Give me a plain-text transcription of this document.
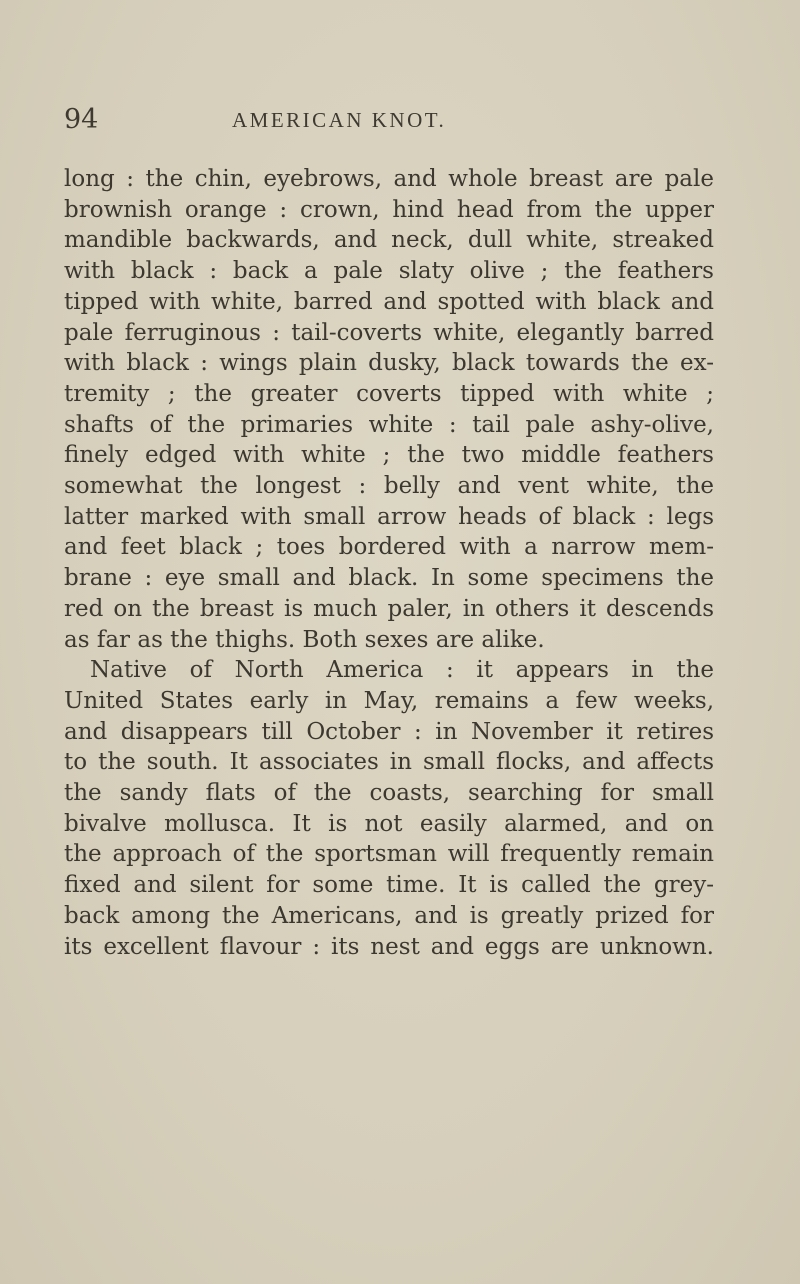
94	AMERICAN KNOT.
long : the chin, eyebrows, and whole breast are pale
brownish orange : crown, hind head from the upper
mandible backwards, and neck, dull white, streaked
with black : back a pale slaty olive ; the feathers
tipped with white, barred and spotted with black and
pale ferruginous : tail-coverts white, elegantly barred
with black : wings plain dusky, black towards the ex-
tremity ; the greater coverts tipped with white ;
shafts of the primaries white : tail pale ashy-olive,
finely edged with white ; the two middle feathers
somewhat the longest : belly and vent white, the
latter marked with small arrow heads of black : legs
and feet black ; toes bordered with a narrow mem-
brane : eye small and black. In some specimens the
red on the breast is much paler, in others it descends
as far as the thighs. Both sexes are alike.
Native of North America : it appears in the
United States early in May, remains a few weeks,
and disappears till October : in November it retires
to the south. It associates in small flocks, and affects
the sandy flats of the coasts, searching for small
bivalve mollusca. It is not easily alarmed, and on
the approach of the sportsman will frequently remain
fixed and silent for some time. It is called the grey-
back among the Americans, and is greatly prized for
its excellent flavour : its nest and eggs are unknown.
